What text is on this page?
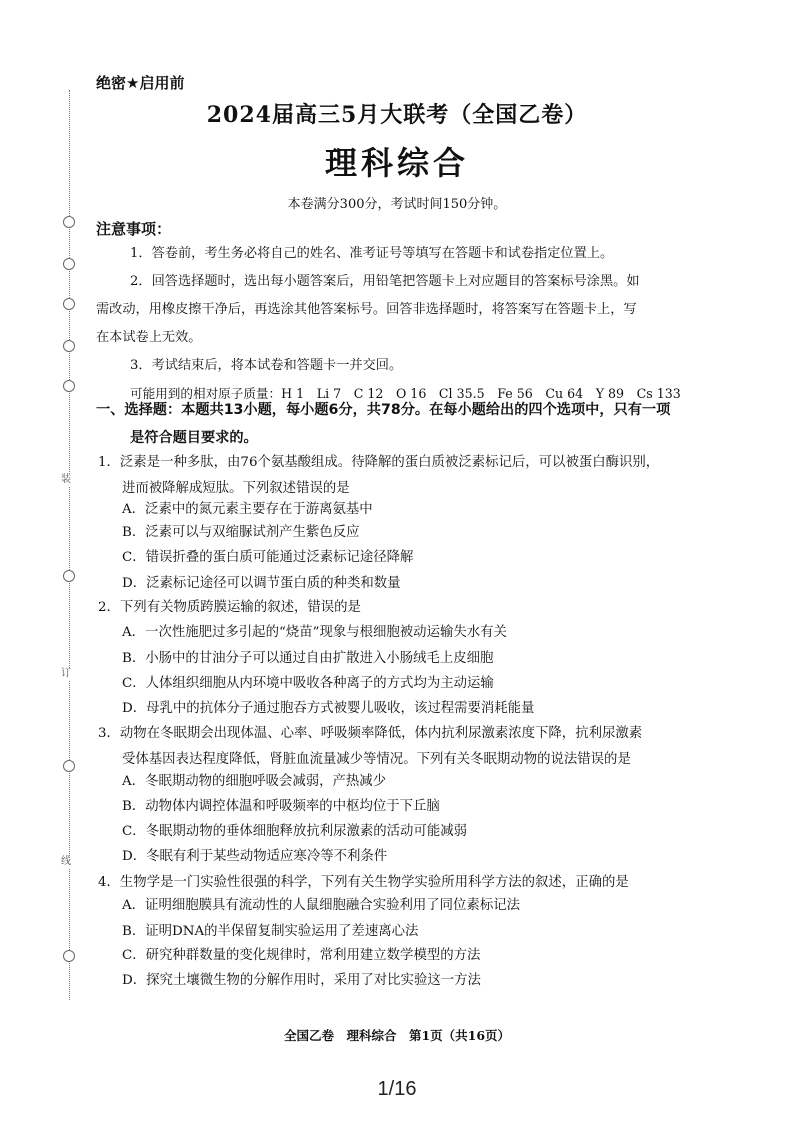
装
订
线
绝密★启用前
2024届高三5月大联考（全国乙卷）
理科综合
本卷满分300分，考试时间150分钟。
注意事项：
1．答卷前，考生务必将自己的姓名、准考证号等填写在答题卡和试卷指定位置上。
2．回答选择题时，选出每小题答案后，用铅笔把答题卡上对应题目的答案标号涂黑。如
需改动，用橡皮擦干净后，再选涂其他答案标号。回答非选择题时，将答案写在答题卡上，写
在本试卷上无效。
3．考试结束后，将本试卷和答题卡一并交回。
可能用到的相对原子质量：H 1　Li 7　C 12　O 16　Cl 35.5　Fe 56　Cu 64　Y 89　Cs 133
一、选择题：本题共13小题，每小题6分，共78分。在每小题给出的四个选项中，只有一项
是符合题目要求的。
1．泛素是一种多肽，由76个氨基酸组成。待降解的蛋白质被泛素标记后，可以被蛋白酶识别，
进而被降解成短肽。下列叙述错误的是
A．泛素中的氮元素主要存在于游离氨基中
B．泛素可以与双缩脲试剂产生紫色反应
C．错误折叠的蛋白质可能通过泛素标记途径降解
D．泛素标记途径可以调节蛋白质的种类和数量
2．下列有关物质跨膜运输的叙述，错误的是
A．一次性施肥过多引起的“烧苗”现象与根细胞被动运输失水有关
B．小肠中的甘油分子可以通过自由扩散进入小肠绒毛上皮细胞
C．人体组织细胞从内环境中吸收各种离子的方式均为主动运输
D．母乳中的抗体分子通过胞吞方式被婴儿吸收，该过程需要消耗能量
3．动物在冬眠期会出现体温、心率、呼吸频率降低，体内抗利尿激素浓度下降，抗利尿激素
受体基因表达程度降低，肾脏血流量减少等情况。下列有关冬眠期动物的说法错误的是
A．冬眠期动物的细胞呼吸会减弱，产热减少
B．动物体内调控体温和呼吸频率的中枢均位于下丘脑
C．冬眠期动物的垂体细胞释放抗利尿激素的活动可能减弱
D．冬眠有利于某些动物适应寒冷等不利条件
4．生物学是一门实验性很强的科学，下列有关生物学实验所用科学方法的叙述，正确的是
A．证明细胞膜具有流动性的人鼠细胞融合实验利用了同位素标记法
B．证明DNA的半保留复制实验运用了差速离心法
C．研究种群数量的变化规律时，常利用建立数学模型的方法
D．探究土壤微生物的分解作用时，采用了对比实验这一方法
全国乙卷　理科综合　第1页（共16页）
1/16
